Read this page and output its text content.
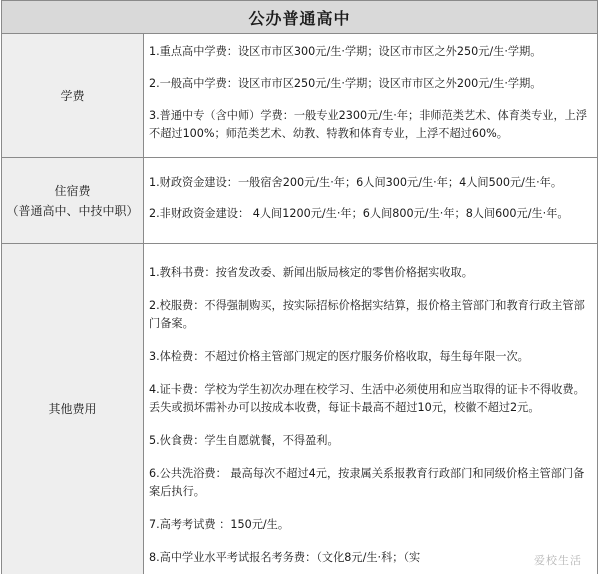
公办普通高中
学费

1.重点高中学费：设区市市区300元/生·学期；设区市市区之外250元/生·学期。

2.一般高中学费：设区市市区250元/生·学期；设区市市区之外200元/生·学期。

3.普通中专（含中师）学费：一般专业2300元/生·年；非师范类艺术、体育类专业，上浮不超过100%；师范类艺术、幼教、特教和体育专业，上浮不超过60%。

住宿费
（普通高中、中技中职）

1.财政资金建设：一般宿舍200元/生·年；6人间300元/生·年；4人间500元/生·年。

2.非财政资金建设： 4人间1200元/生·年；6人间800元/生·年；8人间600元/生·年。

其他费用

1.教科书费：按省发改委、新闻出版局核定的零售价格据实收取。

2.校服费：不得强制购买，按实际招标价格据实结算，报价格主管部门和教育行政主管部门备案。

3.体检费：不超过价格主管部门规定的医疗服务价格收取，每生每年限一次。

4.证卡费：学校为学生初次办理在校学习、生活中必须使用和应当取得的证卡不得收费。丢失或损坏需补办可以按成本收费，每证卡最高不超过10元，校徽不超过2元。

5.伙食费：学生自愿就餐，不得盈利。

6.公共洗浴费： 最高每次不超过4元，按隶属关系报教育行政部门和同级价格主管部门备案后执行。

7.高考考试费 ：150元/生。

8.高中学业水平考试报名考务费：（文化8元/生·科；（实	爱校生活
